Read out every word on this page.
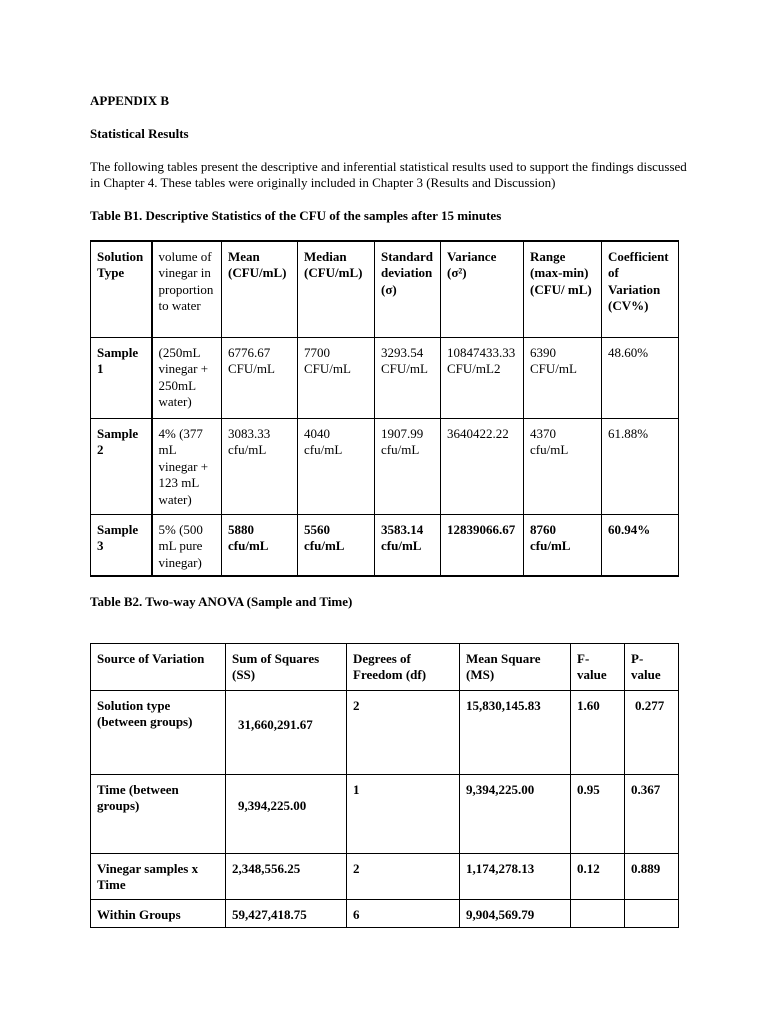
APPENDIX B
Statistical Results
The following tables present the descriptive and inferential statistical results used to support the findings discussed in Chapter 4. These tables were originally included in Chapter 3 (Results and Discussion)
Table B1. Descriptive Statistics of the CFU of the samples after 15 minutes
Solution Type	volume of vinegar in proportion to water	Mean (CFU/mL)	Median (CFU/mL)	Standard deviation (σ)	Variance (σ²)	Range (max-min) (CFU/ mL)	Coefficient of Variation (CV%)
Sample 1	(250mL vinegar + 250mL water)	6776.67 CFU/mL	7700 CFU/mL	3293.54 CFU/mL	10847433.33 CFU/mL2	6390 CFU/mL	48.60%
Sample 2	4% (377 mL vinegar + 123 mL water)	3083.33 cfu/mL	4040 cfu/mL	1907.99 cfu/mL	3640422.22	4370 cfu/mL	61.88%
Sample 3	5% (500 mL pure vinegar)	5880 cfu/mL	5560 cfu/mL	3583.14 cfu/mL	12839066.67	8760 cfu/mL	60.94%
Table B2. Two-way ANOVA (Sample and Time)
Source of Variation	Sum of Squares (SS)	Degrees of Freedom (df)	Mean Square (MS)	F-value	P-value
Solution type (between groups)	31,660,291.67	2	15,830,145.83	1.60	0.277
Time (between groups)	9,394,225.00	1	9,394,225.00	0.95	0.367
Vinegar samples x Time	2,348,556.25	2	1,174,278.13	0.12	0.889
Within Groups	59,427,418.75	6	9,904,569.79		
